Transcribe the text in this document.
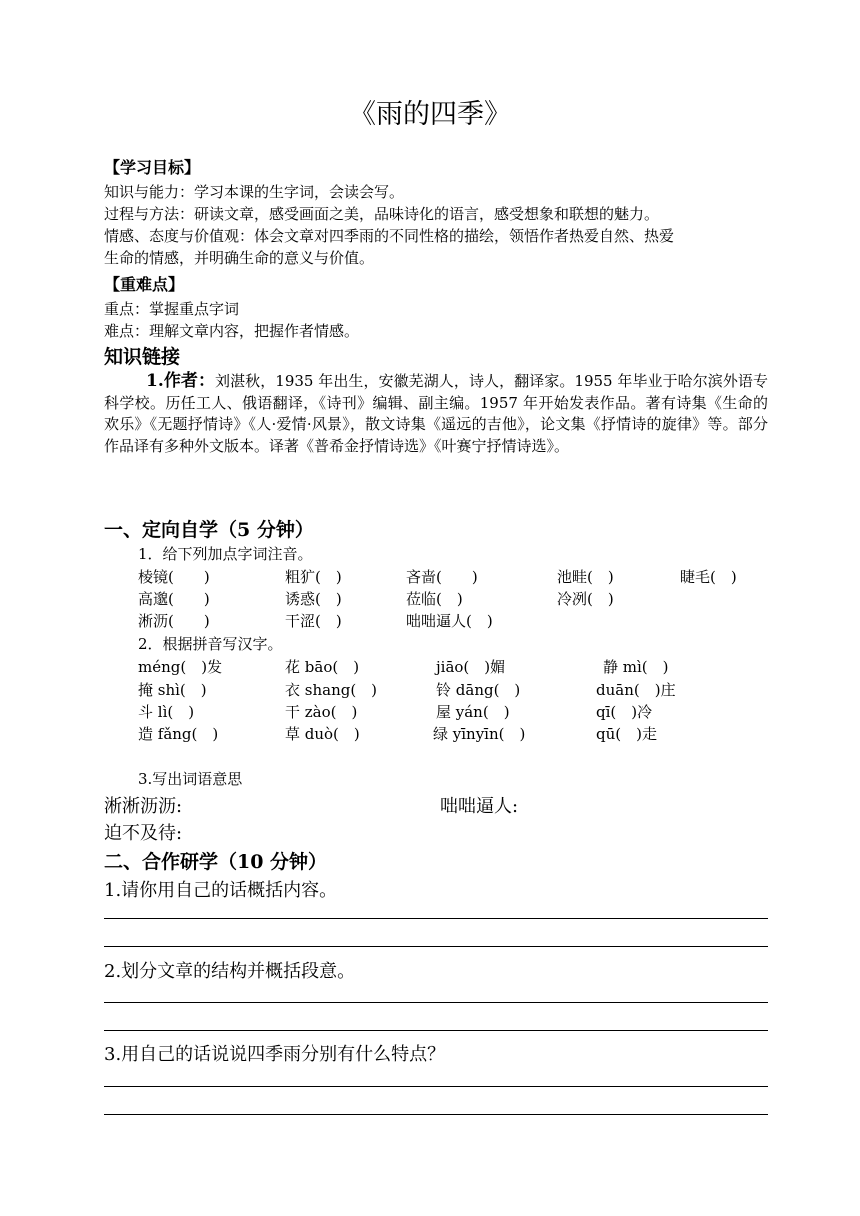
《雨的四季》
【学习目标】
知识与能力：学习本课的生字词，会读会写。
过程与方法：研读文章，感受画面之美，品味诗化的语言，感受想象和联想的魅力。
情感、态度与价值观：体会文章对四季雨的不同性格的描绘，领悟作者热爱自然、热爱
生命的情感，并明确生命的意义与价值。
【重难点】
重点：掌握重点字词
难点：理解文章内容，把握作者情感。
知识链接
1.作者：刘湛秋，1935 年出生，安徽芜湖人，诗人，翻译家。1955 年毕业于哈尔滨外语专科学校。历任工人、俄语翻译，《诗刊》编辑、副主编。1957 年开始发表作品。著有诗集《生命的欢乐》《无题抒情诗》《人·爱情·风景》，散文诗集《遥远的吉他》，论文集《抒情诗的旋律》等。部分作品译有多种外文版本。译著《普希金抒情诗选》《叶赛宁抒情诗选》。
一、定向自学（5 分钟）
1．给下列加点字词注音。
棱镜(　　)	粗犷(　)	吝啬(　　)	池畦(　)	睫毛(　)
高邈(　　)	诱惑(　)	莅临(　)	冷冽(　)
淅沥(　　)	干涩(　)	咄咄逼人(　)
2．根据拼音写汉字。
méng(　)发	花 bāo(　)	jiāo(　)媚	静 mì(　)
掩 shì(　)	衣 shang(　)	铃 dāng(　)	duān(　)庄
斗 lì(　)	干 zào(　)	屋 yán(　)	qī(　)冷
造 fǎng(　)	草 duò(　)	绿 yīnyīn(　)	qū(　)走
3.写出词语意思
淅淅沥沥:	咄咄逼人:
迫不及待:
二、合作研学（10 分钟）
1.请你用自己的话概括内容。
2.划分文章的结构并概括段意。
3.用自己的话说说四季雨分别有什么特点？
